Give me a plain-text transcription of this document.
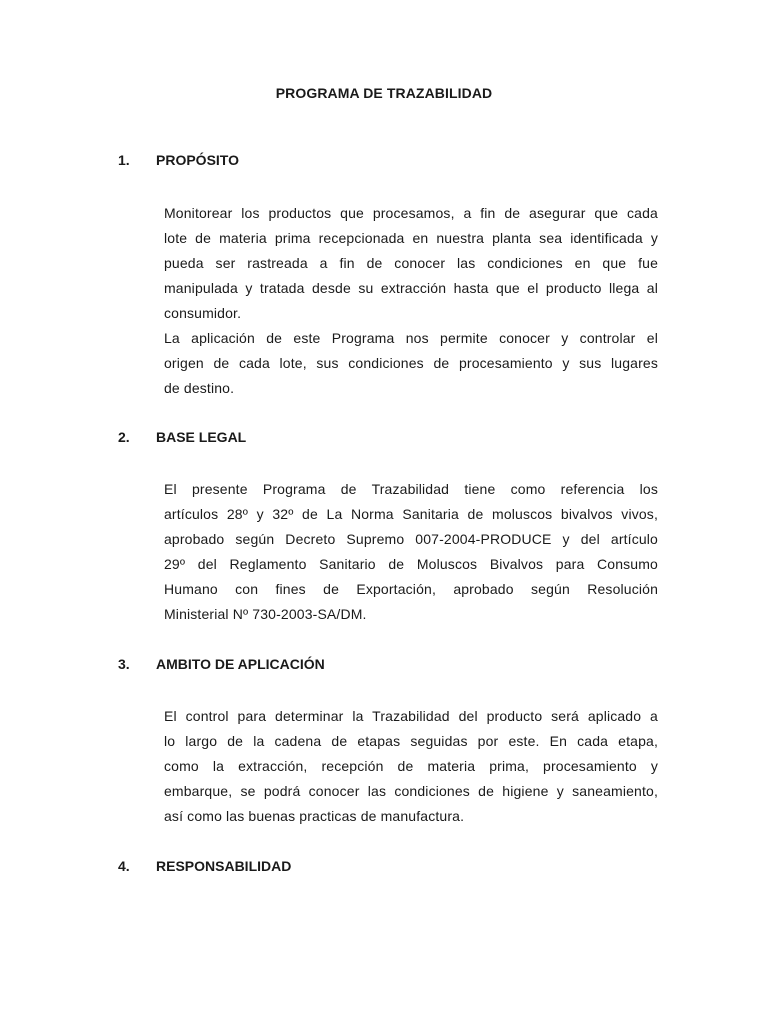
PROGRAMA DE TRAZABILIDAD
1. PROPÓSITO
Monitorear los productos que procesamos, a fin de asegurar que cada
lote de materia prima recepcionada en nuestra planta sea identificada y
pueda ser rastreada a fin de conocer las condiciones en que fue
manipulada y tratada desde su extracción hasta que el producto llega al
consumidor.
La aplicación de este Programa nos permite conocer y controlar el
origen de cada lote, sus condiciones de procesamiento y sus lugares
de destino.
2. BASE LEGAL
El presente Programa de Trazabilidad tiene como referencia los
artículos 28º y 32º de La Norma Sanitaria de moluscos bivalvos vivos,
aprobado según Decreto Supremo 007-2004-PRODUCE y del artículo
29º del Reglamento Sanitario de Moluscos Bivalvos para Consumo
Humano con fines de Exportación, aprobado según Resolución
Ministerial Nº 730-2003-SA/DM.
3. AMBITO DE APLICACIÓN
El control para determinar la Trazabilidad del producto será aplicado a
lo largo de la cadena de etapas seguidas por este. En cada etapa,
como la extracción, recepción de materia prima, procesamiento y
embarque, se podrá conocer las condiciones de higiene y saneamiento,
así como las buenas practicas de manufactura.
4. RESPONSABILIDAD
